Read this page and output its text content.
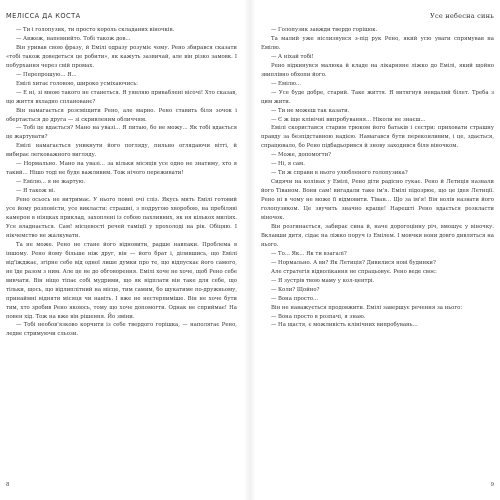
МЕЛІССА ДА КОСТА

— Ти і голопузик, ти просто король складаних віночків.

— Авжеж, напевнийто. Тобі також дов...

Він уривав свою фразу, й Емілі одразу розуміє чому. Рено збирався сказати «тобі також доведеться це робити», як кажуть зазвичай, але він різко замовк. І побурхання через свій промах.

— Перепрошую... Я...

Емілі хитає головою, широко усміхаючись:

— Е ні, зі мною такого не станеться. Я уявляю приваблені вісочі! Хто сказав, що життя вхладно спланованє?

Він намагається розсміщити Рено, але марно. Рено ставить біля зочок і обертається до друга — зі скривленим обличчям.

— Тобі це вдається? Мано на увазі... Я питаю, бо не можу... Як тобі вдається це жартувати?

Емілі намагається уникнути його погляду, пильно оглядаючи вітгі, й вибирає легковажного вигляду.

— Нормально. Мано на увазі... за кільки місяців усе одно не знатиму, хто я такий... Нішо тоді не буде важливим. Тож нічого переживати!

— Емілю... я не жартую.

— Я також ні.

Рено осьось не витримає. У нього повні очі сліз. Якусь мить Емілі готовий усе йому розповісти, усе викласти: страшні, з подругою хворобою, на пребіляві камерон в ніяцках приклад, захоплені із собою пахливних, як ня кількох миліях. Усе владнається. Сам! місцевості речей таміції у прохолоді на рік. Обіцяю. І нікчемство не жалкувати.

Та не може. Рено не стане його відновити, радше навпаки. Проблема в іншому. Рено йому більше ніж друг, він — його брат і, ділившись, що Емілі від'їжджає, згірне себе від одної лише думки про те, що відпускає його самого, не їде разом з ним. Але це не до обговорення. Емілі хоче не хоче, щоб Рено себе вивчати. Він ніщо тіпає собі мудрими, що як відплати він таке для себе, що тільки, щось, що відлиплітний на місце, тим самим, бо шукатиме по-дружньому, принаймні відняти місяця чи навіть. І вже не нестерпиміше. Він не хоче бути тим, хто зробив Рено якоюсь, тому що хоче допомогти. Однак не сприймає! На повен хід. Тож на вже він рішення. Йо зміни.

— Тобі необов'язково корчити із себе твердого горішка, — наполягає Рено, ледве стримуючи сльози.

8
Усе небесна синь

— Голопузик завжди твердо горішок.

Та малий уже ніслизнувся з-під рук Рено, який усю уваги спрямував на Емілю.

— А ніхай тобі!

Рено відкинувся малюка й кладе на лікарняне ліжко до Емілі, який щойно звиплівно обхопи його.

— Емілю...

— Усе буде добре, старий. Таке життя. Я витягнув невдалий білет. Треба з цим жити.

— Ти не можеш так казати.

— Є ж іще клінічні випробування... Ніколи не знаєш...

Емілі скористався старим трюком його батьків і сестри: приховати страшну правду за безпідставною надією. Намагався бути переконливим, і це, здається, спрацювало, бо Рено підбадьорився й знову заходився біля віночком.

— Може, допомогти?

— Ні, я сам.

— Ти ж справи в нього улюбленого голопузика?

Сидячи на колінах у Емілі, Рено діти радісно гукає. Рено й Летиція назвали його Тіваном. Вони сам! вигадали таке ім'я. Емілі підозрює, що це ідея Летиції. Рено ні в чому не може її відмовити. Тіван... Що за ім'я! Він волів назвати його голопузиком. Це звучить значно краще! Нарешті Рено вдається розкласти віночок.

Він розгинається, забирає сина й, наче дорогоцінну річ, вмошує у віночку. Вклавши дитя, сідає на ліжко поруч із Емілем. І мовчки вони довго дивляться на нього.

— То... Як... Як ти взагалі?

— Нормально. А ви? Як Летиція? Дивилися нові будинки?

Але стратегія відволікання не спрацьовує. Рено веде своє:

— Я зустрів твою маму у кол-центрі.

— Коли? Щойно?

— Вона просто...

Він не наважується продовжити. Емілі завершує речення за нього:

— Вона просто в розпачі, я знаю.

— На щастя, є можливість клінічних випробувань...

9
